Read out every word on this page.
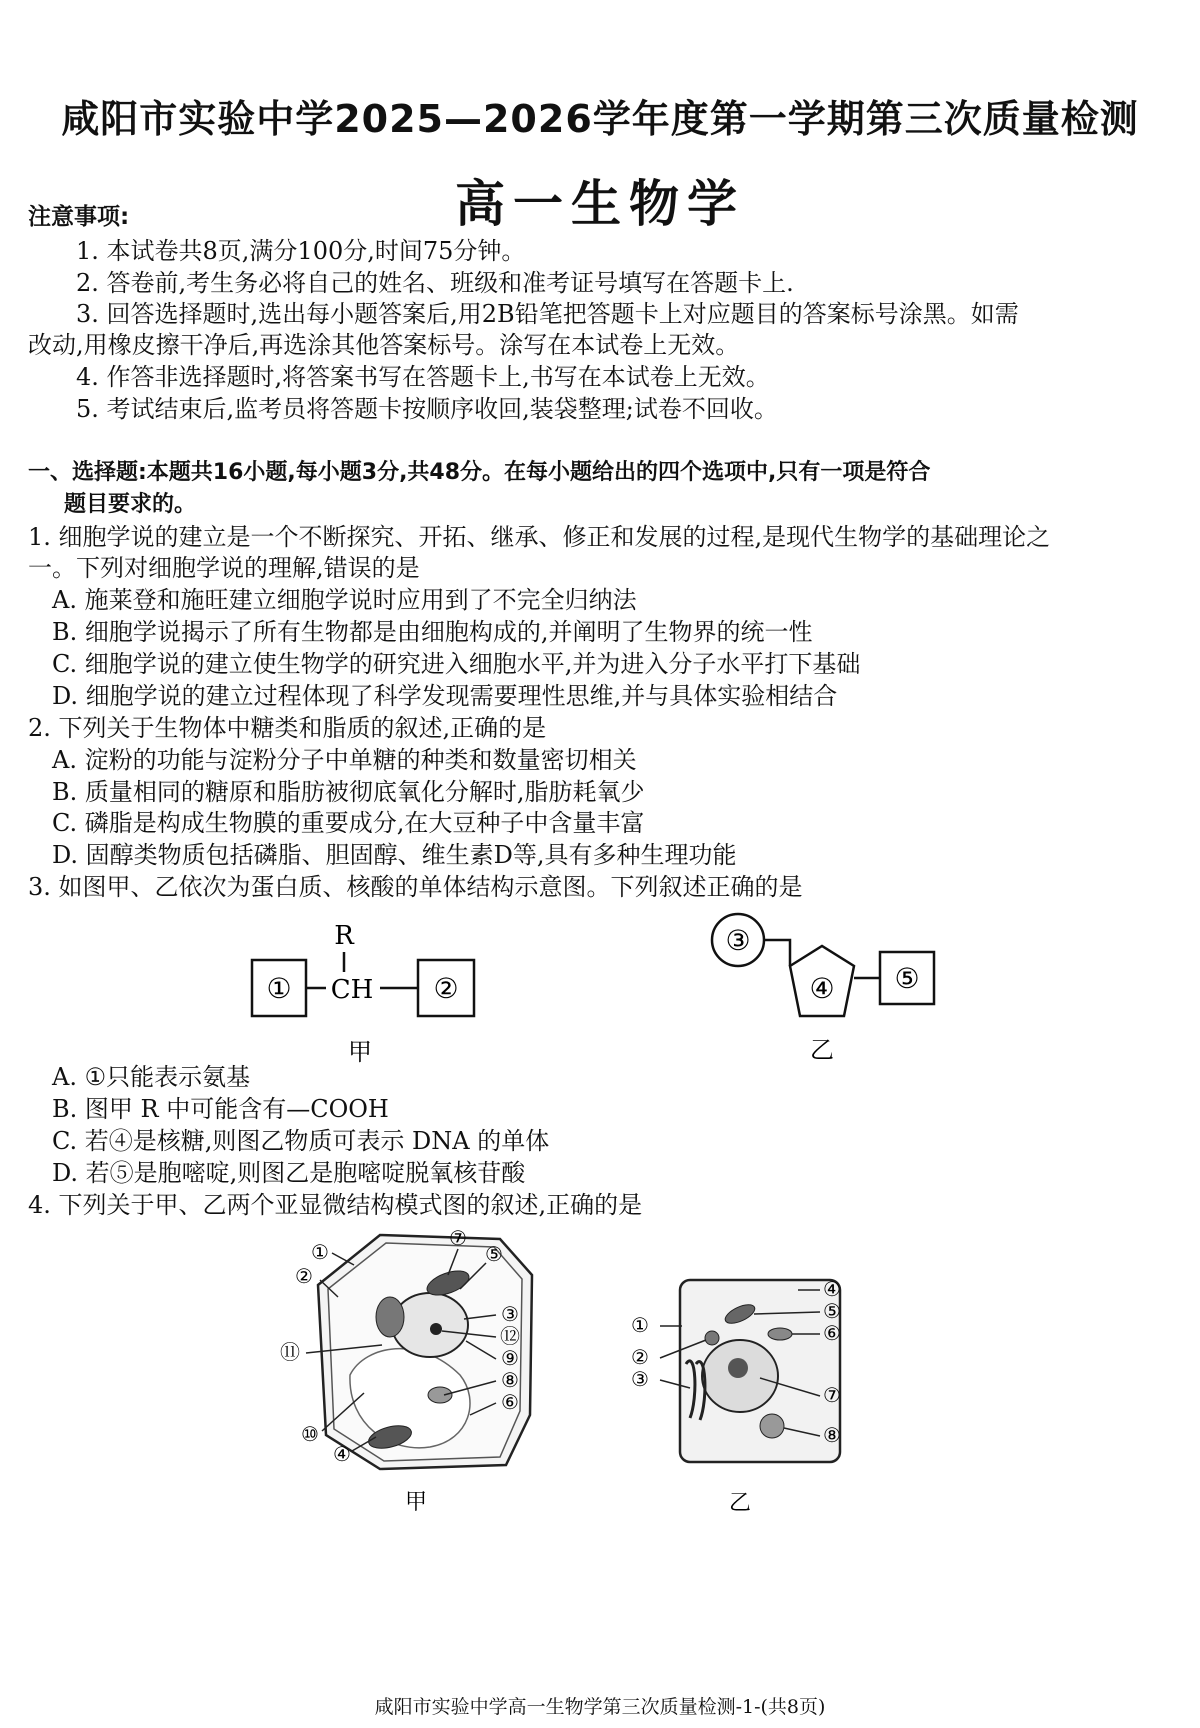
咸阳市实验中学2025—2026学年度第一学期第三次质量检测
高一生物学
注意事项:
1. 本试卷共8页,满分100分,时间75分钟。
2. 答卷前,考生务必将自己的姓名、班级和准考证号填写在答题卡上.
3. 回答选择题时,选出每小题答案后,用2B铅笔把答题卡上对应题目的答案标号涂黑。如需
改动,用橡皮擦干净后,再选涂其他答案标号。涂写在本试卷上无效。
4. 作答非选择题时,将答案书写在答题卡上,书写在本试卷上无效。
5. 考试结束后,监考员将答题卡按顺序收回,装袋整理;试卷不回收。
一、选择题:本题共16小题,每小题3分,共48分。在每小题给出的四个选项中,只有一项是符合
题目要求的。
1. 细胞学说的建立是一个不断探究、开拓、继承、修正和发展的过程,是现代生物学的基础理论之
一。下列对细胞学说的理解,错误的是
A. 施莱登和施旺建立细胞学说时应用到了不完全归纳法
B. 细胞学说揭示了所有生物都是由细胞构成的,并阐明了生物界的统一性
C. 细胞学说的建立使生物学的研究进入细胞水平,并为进入分子水平打下基础
D. 细胞学说的建立过程体现了科学发现需要理性思维,并与具体实验相结合
2. 下列关于生物体中糖类和脂质的叙述,正确的是
A. 淀粉的功能与淀粉分子中单糖的种类和数量密切相关
B. 质量相同的糖原和脂肪被彻底氧化分解时,脂肪耗氧少
C. 磷脂是构成生物膜的重要成分,在大豆种子中含量丰富
D. 固醇类物质包括磷脂、胆固醇、维生素D等,具有多种生理功能
3. 如图甲、乙依次为蛋白质、核酸的单体结构示意图。下列叙述正确的是
R
① CH ②
甲
③
④ ⑤
乙
A. ①只能表示氨基
B. 图甲 R 中可能含有—COOH
C. 若④是核糖,则图乙物质可表示 DNA 的单体
D. 若⑤是胞嘧啶,则图乙是胞嘧啶脱氧核苷酸
4. 下列关于甲、乙两个亚显微结构模式图的叙述,正确的是
①
②
⑦
⑤
③
⑫
⑨
⑧
⑥
⑪
⑩
④
甲
④
⑤
⑥
①
②
③
⑦
⑧
乙
咸阳市实验中学高一生物学第三次质量检测-1-(共8页)
